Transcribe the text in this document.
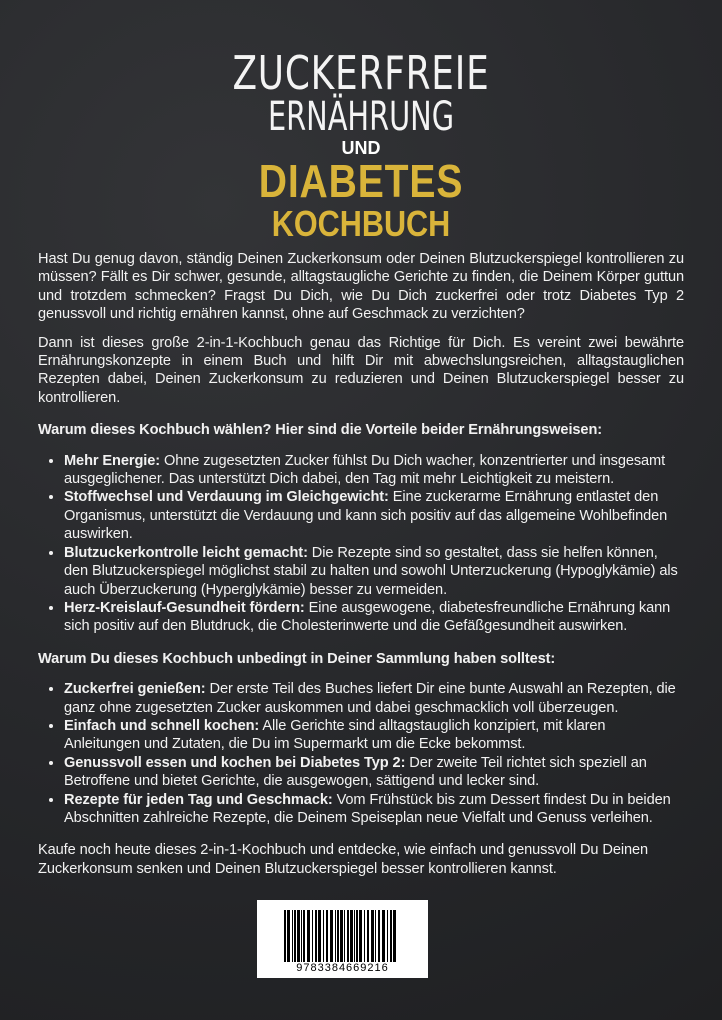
ZUCKERFREIE
ERNÄHRUNG
UND
DIABETES
KOCHBUCH

Hast Du genug davon, ständig Deinen Zuckerkonsum oder Deinen Blutzuckerspiegel kontrollieren zu müssen? Fällt es Dir schwer, gesunde, alltagstaugliche Gerichte zu finden, die Deinem Körper guttun und trotzdem schmecken? Fragst Du Dich, wie Du Dich zuckerfrei oder trotz Diabetes Typ 2 genussvoll und richtig ernähren kannst, ohne auf Geschmack zu verzichten?

Dann ist dieses große 2-in-1-Kochbuch genau das Richtige für Dich. Es vereint zwei bewährte Ernährungskonzepte in einem Buch und hilft Dir mit abwechslungsreichen, alltagstauglichen Rezepten dabei, Deinen Zuckerkonsum zu reduzieren und Deinen Blutzuckerspiegel besser zu kontrollieren.

Warum dieses Kochbuch wählen? Hier sind die Vorteile beider Ernährungsweisen:
• Mehr Energie: Ohne zugesetzten Zucker fühlst Du Dich wacher, konzentrierter und insgesamt ausgeglichener. Das unterstützt Dich dabei, den Tag mit mehr Leichtigkeit zu meistern.
• Stoffwechsel und Verdauung im Gleichgewicht: Eine zuckerarme Ernährung entlastet den Organismus, unterstützt die Verdauung und kann sich positiv auf das allgemeine Wohlbefinden auswirken.
• Blutzuckerkontrolle leicht gemacht: Die Rezepte sind so gestaltet, dass sie helfen können, den Blutzuckerspiegel möglichst stabil zu halten und sowohl Unterzuckerung (Hypoglykämie) als auch Überzuckerung (Hyperglykämie) besser zu vermeiden.
• Herz-Kreislauf-Gesundheit fördern: Eine ausgewogene, diabetesfreundliche Ernährung kann sich positiv auf den Blutdruck, die Cholesterinwerte und die Gefäßgesundheit auswirken.
Warum Du dieses Kochbuch unbedingt in Deiner Sammlung haben solltest:
• Zuckerfrei genießen: Der erste Teil des Buches liefert Dir eine bunte Auswahl an Rezepten, die ganz ohne zugesetzten Zucker auskommen und dabei geschmacklich voll überzeugen.
• Einfach und schnell kochen: Alle Gerichte sind alltagstauglich konzipiert, mit klaren Anleitungen und Zutaten, die Du im Supermarkt um die Ecke bekommst.
• Genussvoll essen und kochen bei Diabetes Typ 2: Der zweite Teil richtet sich speziell an Betroffene und bietet Gerichte, die ausgewogen, sättigend und lecker sind.
• Rezepte für jeden Tag und Geschmack: Vom Frühstück bis zum Dessert findest Du in beiden Abschnitten zahlreiche Rezepte, die Deinem Speiseplan neue Vielfalt und Genuss verleihen.

Kaufe noch heute dieses 2-in-1-Kochbuch und entdecke, wie einfach und genussvoll Du Deinen Zuckerkonsum senken und Deinen Blutzuckerspiegel besser kontrollieren kannst.

9783384669216
